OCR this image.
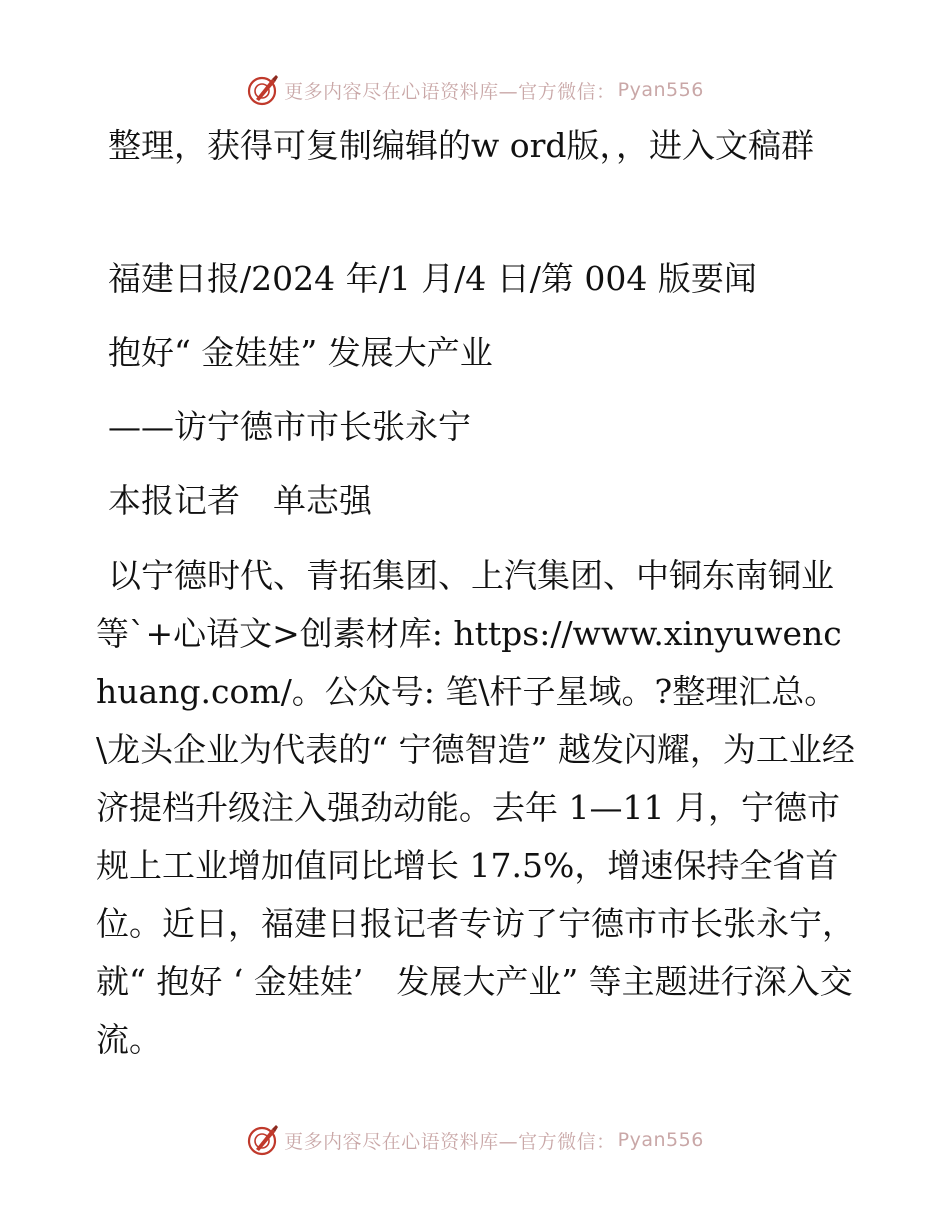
更多内容尽在心语资料库—官方微信： Pyan556
整理，获得可复制编辑的w ord版，，进入文稿群
福建日报/2024 年/1 月/4 日/第 004 版要闻
抱好“ 金娃娃” 发展大产业
——访宁德市市长张永宁
本报记者　单志强
以宁德时代、青拓集团、上汽集团、中铜东南铜业等`+心语文>创素材库: https://www.xinyuwenchuang.com/。公众号: 笔\杆子星域。?整理汇总。\龙头企业为代表的“ 宁德智造” 越发闪耀，为工业经济提档升级注入强劲动能。去年 1—11 月，宁德市规上工业增加值同比增长 17.5%，增速保持全省首位。近日，福建日报记者专访了宁德市市长张永宁，就“ 抱好 ‘ 金娃娃’　发展大产业” 等主题进行深入交流。
更多内容尽在心语资料库—官方微信： Pyan556
